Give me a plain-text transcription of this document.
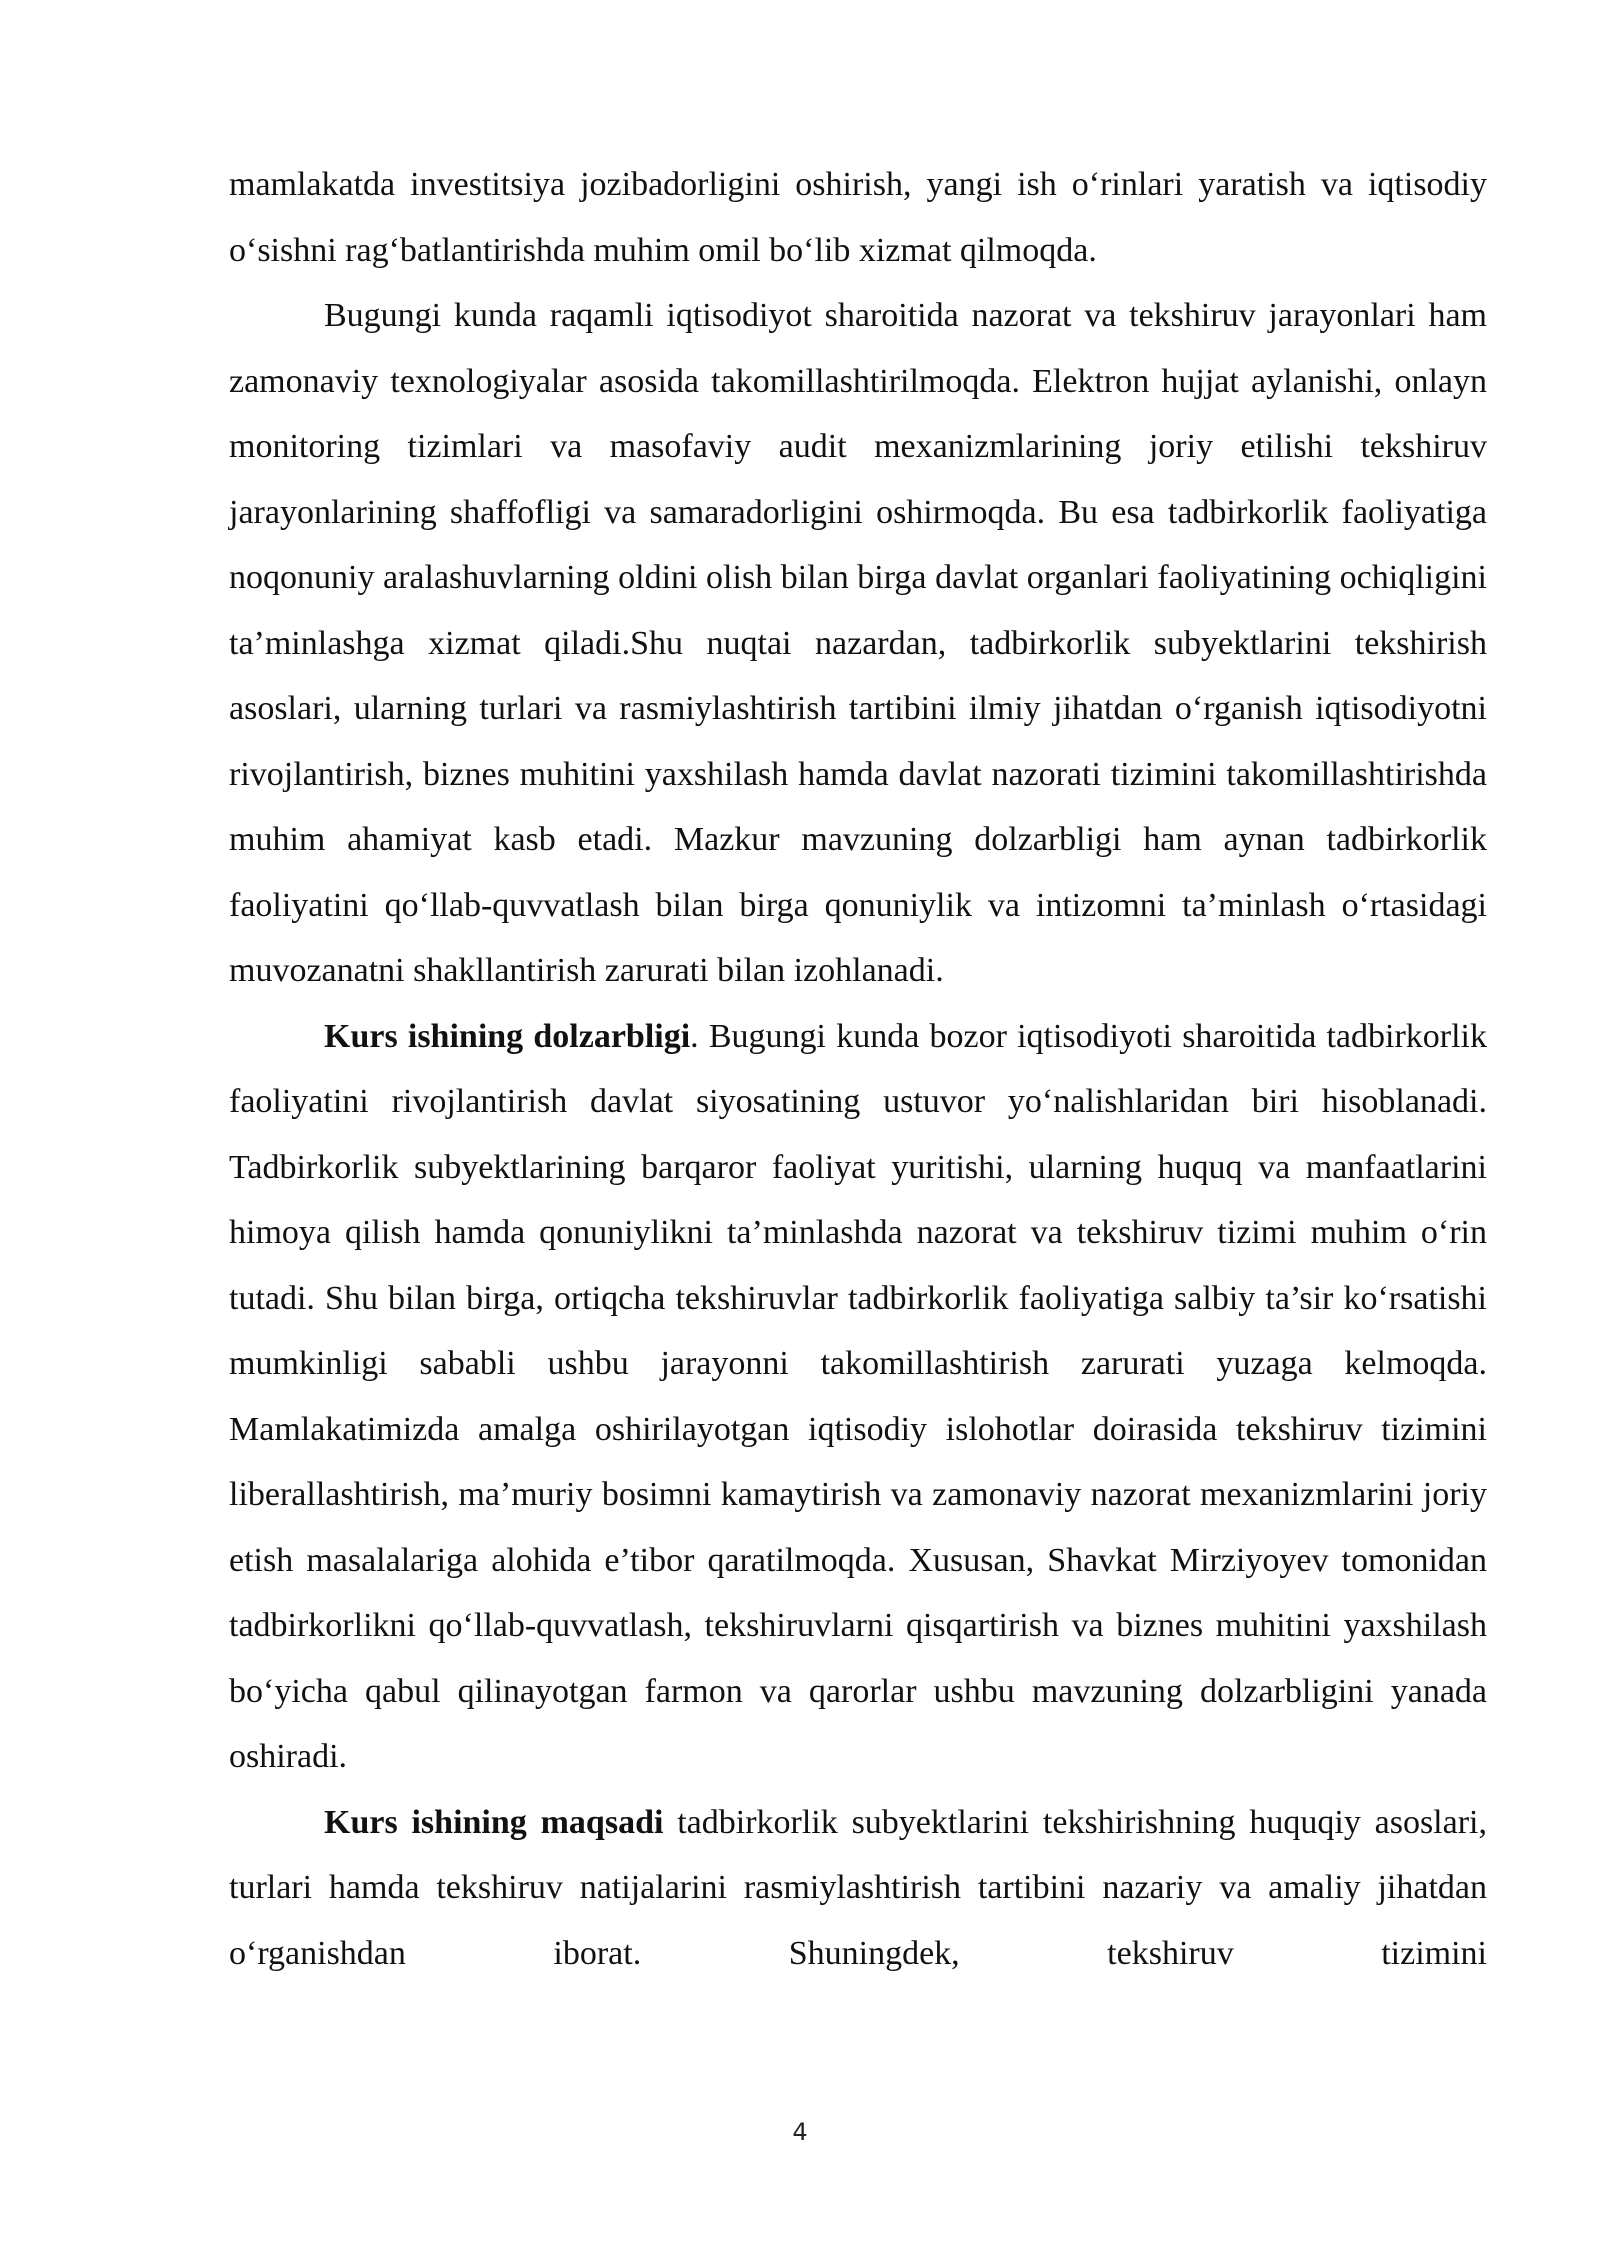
mamlakatda investitsiya jozibadorligini oshirish, yangi ish o‘rinlari yaratish va iqtisodiy o‘sishni rag‘batlantirishda muhim omil bo‘lib xizmat qilmoqda.

Bugungi kunda raqamli iqtisodiyot sharoitida nazorat va tekshiruv jarayonlari ham zamonaviy texnologiyalar asosida takomillashtirilmoqda. Elektron hujjat aylanishi, onlayn monitoring tizimlari va masofaviy audit mexanizmlarining joriy etilishi tekshiruv jarayonlarining shaffofligi va samaradorligini oshirmoqda. Bu esa tadbirkorlik faoliyatiga noqonuniy aralashuvlarning oldini olish bilan birga davlat organlari faoliyatining ochiqligini ta’minlashga xizmat qiladi.Shu nuqtai nazardan, tadbirkorlik subyektlarini tekshirish asoslari, ularning turlari va rasmiylashtirish tartibini ilmiy jihatdan o‘rganish iqtisodiyotni rivojlantirish, biznes muhitini yaxshilash hamda davlat nazorati tizimini takomillashtirishda muhim ahamiyat kasb etadi. Mazkur mavzuning dolzarbligi ham aynan tadbirkorlik faoliyatini qo‘llab-quvvatlash bilan birga qonuniylik va intizomni ta’minlash o‘rtasidagi muvozanatni shakllantirish zarurati bilan izohlanadi.

Kurs ishining dolzarbligi. Bugungi kunda bozor iqtisodiyoti sharoitida tadbirkorlik faoliyatini rivojlantirish davlat siyosatining ustuvor yo‘nalishlaridan biri hisoblanadi. Tadbirkorlik subyektlarining barqaror faoliyat yuritishi, ularning huquq va manfaatlarini himoya qilish hamda qonuniylikni ta’minlashda nazorat va tekshiruv tizimi muhim o‘rin tutadi. Shu bilan birga, ortiqcha tekshiruvlar tadbirkorlik faoliyatiga salbiy ta’sir ko‘rsatishi mumkinligi sababli ushbu jarayonni takomillashtirish zarurati yuzaga kelmoqda. Mamlakatimizda amalga oshirilayotgan iqtisodiy islohotlar doirasida tekshiruv tizimini liberallashtirish, ma’muriy bosimni kamaytirish va zamonaviy nazorat mexanizmlarini joriy etish masalalariga alohida e’tibor qaratilmoqda. Xususan, Shavkat Mirziyoyev tomonidan tadbirkorlikni qo‘llab-quvvatlash, tekshiruvlarni qisqartirish va biznes muhitini yaxshilash bo‘yicha qabul qilinayotgan farmon va qarorlar ushbu mavzuning dolzarbligini yanada oshiradi.

Kurs ishining maqsadi tadbirkorlik subyektlarini tekshirishning huquqiy asoslari, turlari hamda tekshiruv natijalarini rasmiylashtirish tartibini nazariy va amaliy jihatdan o‘rganishdan iborat. Shuningdek, tekshiruv tizimini

4
